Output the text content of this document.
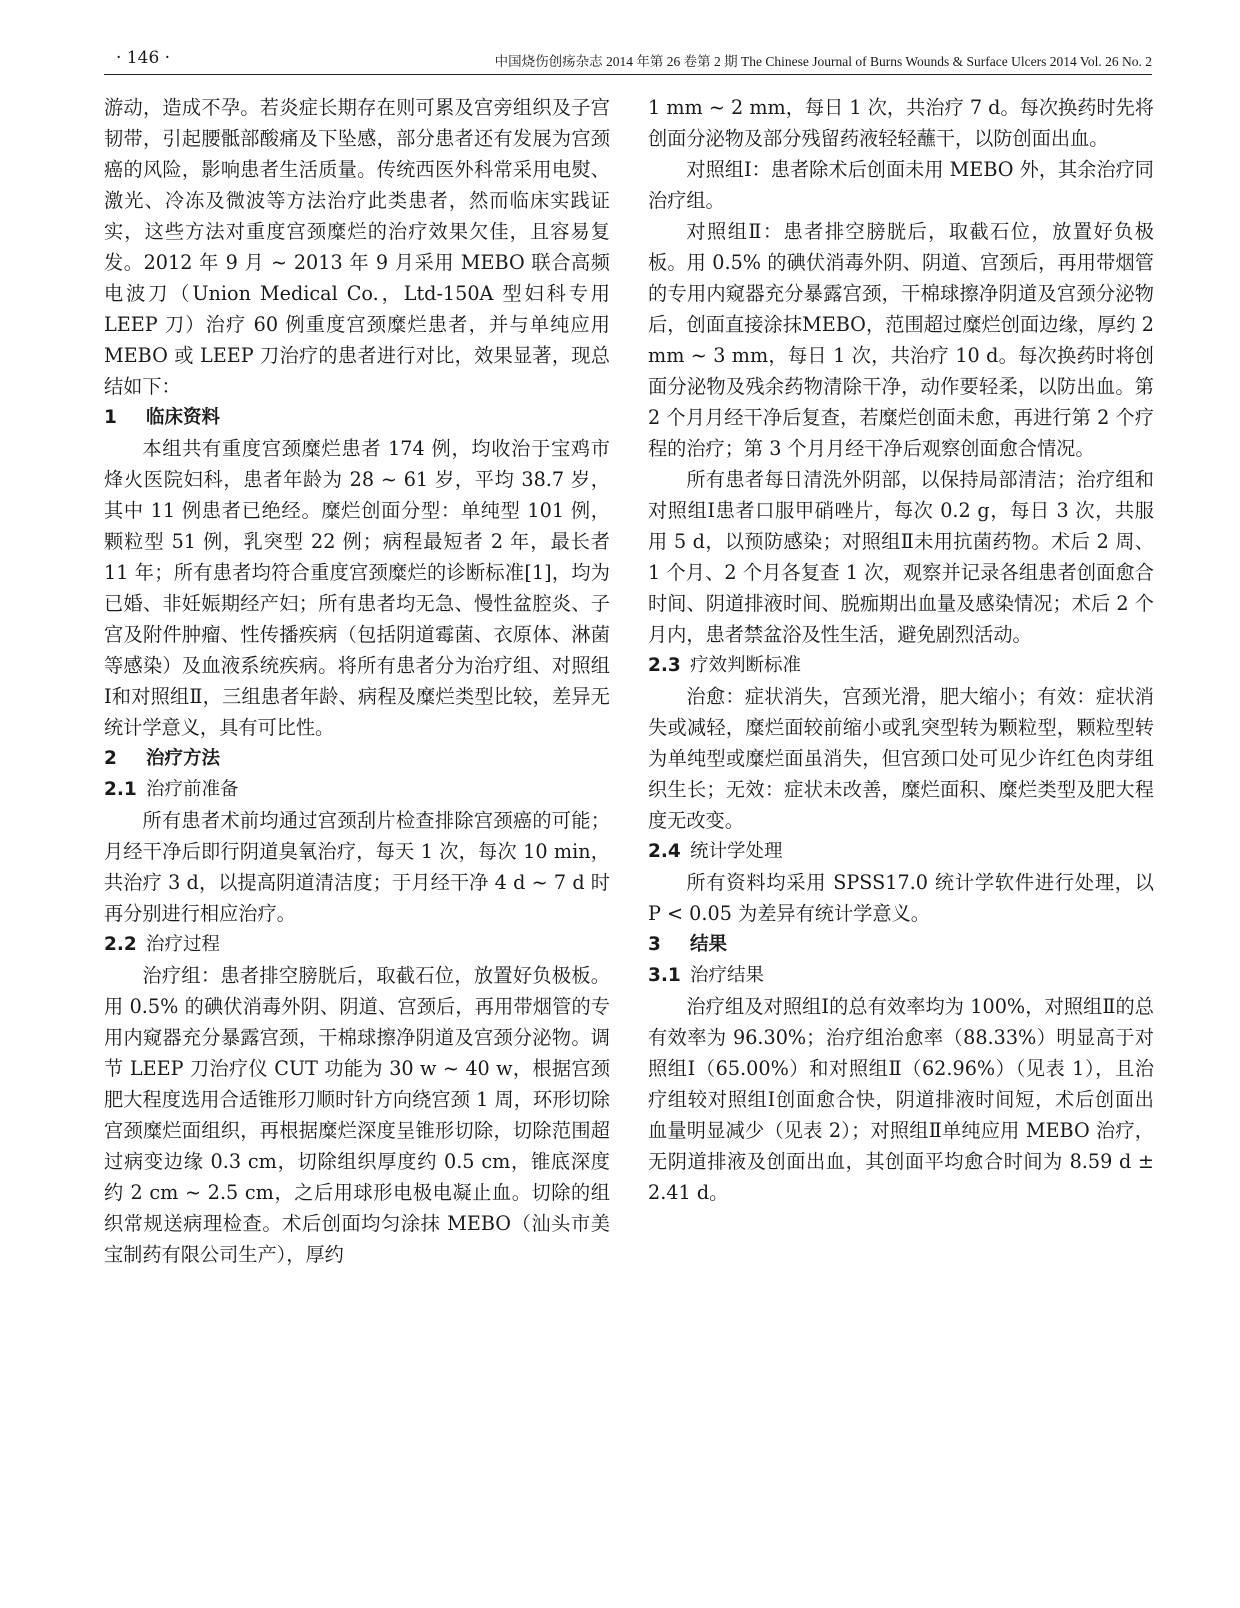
· 146 ·	中国烧伤创疡杂志 2014 年第 26 卷第 2 期 The Chinese Journal of Burns Wounds & Surface Ulcers 2014 Vol. 26 No. 2

游动，造成不孕。若炎症长期存在则可累及宫旁组织及子宫韧带，引起腰骶部酸痛及下坠感，部分患者还有发展为宫颈癌的风险，影响患者生活质量。传统西医外科常采用电熨、激光、冷冻及微波等方法治疗此类患者，然而临床实践证实，这些方法对重度宫颈糜烂的治疗效果欠佳，且容易复发。2012 年 9 月 ~ 2013 年 9 月采用 MEBO 联合高频电波刀（Union Medical Co.，Ltd-150A 型妇科专用 LEEP 刀）治疗 60 例重度宫颈糜烂患者，并与单纯应用 MEBO 或 LEEP 刀治疗的患者进行对比，效果显著，现总结如下：

1 临床资料

本组共有重度宫颈糜烂患者 174 例，均收治于宝鸡市烽火医院妇科，患者年龄为 28 ~ 61 岁，平均 38.7 岁，其中 11 例患者已绝经。糜烂创面分型：单纯型 101 例，颗粒型 51 例，乳突型 22 例；病程最短者 2 年，最长者 11 年；所有患者均符合重度宫颈糜烂的诊断标准[1]，均为已婚、非妊娠期经产妇；所有患者均无急、慢性盆腔炎、子宫及附件肿瘤、性传播疾病（包括阴道霉菌、衣原体、淋菌等感染）及血液系统疾病。将所有患者分为治疗组、对照组Ⅰ和对照组Ⅱ，三组患者年龄、病程及糜烂类型比较，差异无统计学意义，具有可比性。

2 治疗方法

2.1 治疗前准备

所有患者术前均通过宫颈刮片检查排除宫颈癌的可能；月经干净后即行阴道臭氧治疗，每天 1 次，每次 10 min，共治疗 3 d，以提高阴道清洁度；于月经干净 4 d ~ 7 d 时再分别进行相应治疗。

2.2 治疗过程

治疗组：患者排空膀胱后，取截石位，放置好负极板。用 0.5% 的碘伏消毒外阴、阴道、宫颈后，再用带烟管的专用内窥器充分暴露宫颈，干棉球擦净阴道及宫颈分泌物。调节 LEEP 刀治疗仪 CUT 功能为 30 w ~ 40 w，根据宫颈肥大程度选用合适锥形刀顺时针方向绕宫颈 1 周，环形切除宫颈糜烂面组织，再根据糜烂深度呈锥形切除，切除范围超过病变边缘 0.3 cm，切除组织厚度约 0.5 cm，锥底深度约 2 cm ~ 2.5 cm，之后用球形电极电凝止血。切除的组织常规送病理检查。术后创面均匀涂抹 MEBO（汕头市美宝制药有限公司生产），厚约

1 mm ~ 2 mm，每日 1 次，共治疗 7 d。每次换药时先将创面分泌物及部分残留药液轻轻蘸干，以防创面出血。

对照组Ⅰ：患者除术后创面未用 MEBO 外，其余治疗同治疗组。

对照组Ⅱ：患者排空膀胱后，取截石位，放置好负极板。用 0.5% 的碘伏消毒外阴、阴道、宫颈后，再用带烟管的专用内窥器充分暴露宫颈，干棉球擦净阴道及宫颈分泌物后，创面直接涂抹MEBO，范围超过糜烂创面边缘，厚约 2 mm ~ 3 mm，每日 1 次，共治疗 10 d。每次换药时将创面分泌物及残余药物清除干净，动作要轻柔，以防出血。第 2 个月月经干净后复查，若糜烂创面未愈，再进行第 2 个疗程的治疗；第 3 个月月经干净后观察创面愈合情况。

所有患者每日清洗外阴部，以保持局部清洁；治疗组和对照组Ⅰ患者口服甲硝唑片，每次 0.2 g，每日 3 次，共服用 5 d，以预防感染；对照组Ⅱ未用抗菌药物。术后 2 周、1 个月、2 个月各复查 1 次，观察并记录各组患者创面愈合时间、阴道排液时间、脱痂期出血量及感染情况；术后 2 个月内，患者禁盆浴及性生活，避免剧烈活动。

2.3 疗效判断标准

治愈：症状消失，宫颈光滑，肥大缩小；有效：症状消失或减轻，糜烂面较前缩小或乳突型转为颗粒型，颗粒型转为单纯型或糜烂面虽消失，但宫颈口处可见少许红色肉芽组织生长；无效：症状未改善，糜烂面积、糜烂类型及肥大程度无改变。

2.4 统计学处理

所有资料均采用 SPSS17.0 统计学软件进行处理，以 P < 0.05 为差异有统计学意义。

3 结果

3.1 治疗结果

治疗组及对照组Ⅰ的总有效率均为 100%，对照组Ⅱ的总有效率为 96.30%；治疗组治愈率（88.33%）明显高于对照组Ⅰ（65.00%）和对照组Ⅱ（62.96%）（见表 1），且治疗组较对照组Ⅰ创面愈合快，阴道排液时间短，术后创面出血量明显减少（见表 2）；对照组Ⅱ单纯应用 MEBO 治疗，无阴道排液及创面出血，其创面平均愈合时间为 8.59 d ± 2.41 d。
